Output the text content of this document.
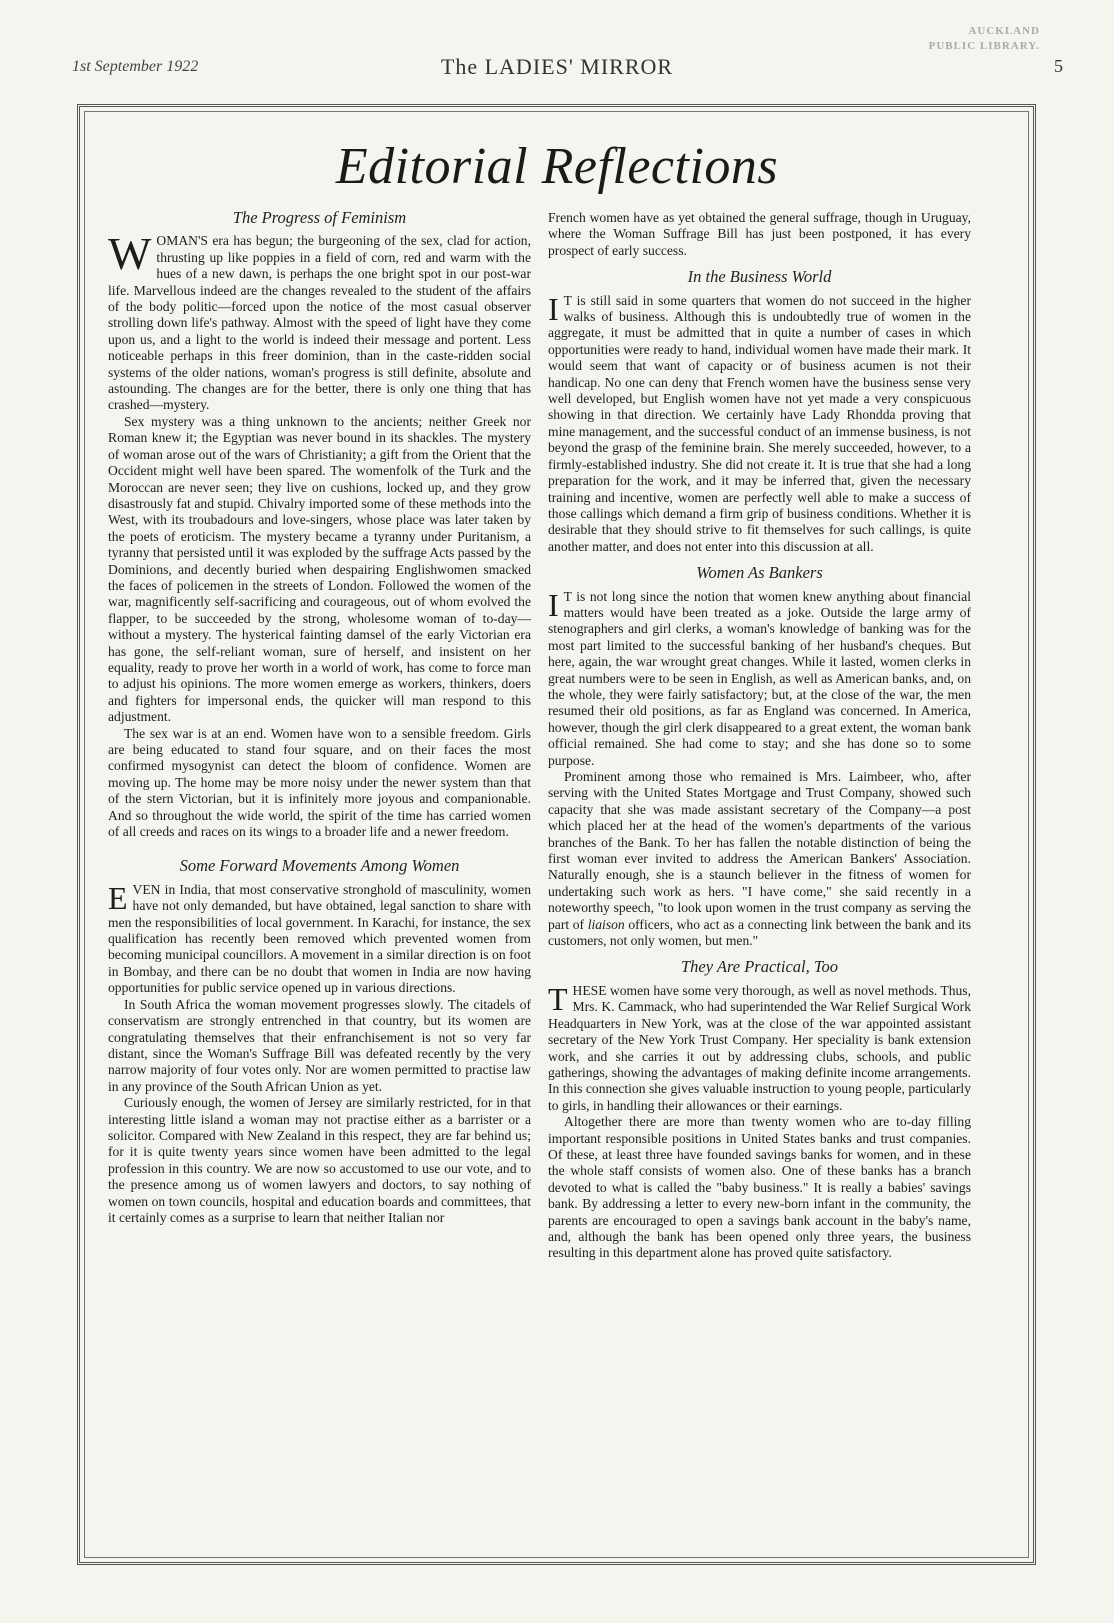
1st September 1922	The LADIES' MIRROR
AUCKLAND
PUBLIC LIBRARY.
5
Editorial Reflections
The Progress of Feminism

WOMAN'S era has begun; the burgeoning of the sex, clad for action, thrusting up like poppies in a field of corn, red and warm with the hues of a new dawn, is perhaps the one bright spot in our post-war life. Marvellous indeed are the changes revealed to the student of the affairs of the body politic—forced upon the notice of the most casual observer strolling down life's pathway. Almost with the speed of light have they come upon us, and a light to the world is indeed their message and portent. Less noticeable perhaps in this freer dominion, than in the caste-ridden social systems of the older nations, woman's progress is still definite, absolute and astounding. The changes are for the better, there is only one thing that has crashed—mystery.

Sex mystery was a thing unknown to the ancients; neither Greek nor Roman knew it; the Egyptian was never bound in its shackles. The mystery of woman arose out of the wars of Christianity; a gift from the Orient that the Occident might well have been spared. The womenfolk of the Turk and the Moroccan are never seen; they live on cushions, locked up, and they grow disastrously fat and stupid. Chivalry imported some of these methods into the West, with its troubadours and love-singers, whose place was later taken by the poets of eroticism. The mystery became a tyranny under Puritanism, a tyranny that persisted until it was exploded by the suffrage Acts passed by the Dominions, and decently buried when despairing Englishwomen smacked the faces of policemen in the streets of London. Followed the women of the war, magnificently self-sacrificing and courageous, out of whom evolved the flapper, to be succeeded by the strong, wholesome woman of to-day—without a mystery. The hysterical fainting damsel of the early Victorian era has gone, the self-reliant woman, sure of herself, and insistent on her equality, ready to prove her worth in a world of work, has come to force man to adjust his opinions. The more women emerge as workers, thinkers, doers and fighters for impersonal ends, the quicker will man respond to this adjustment.

The sex war is at an end. Women have won to a sensible freedom. Girls are being educated to stand four square, and on their faces the most confirmed mysogynist can detect the bloom of confidence. Women are moving up. The home may be more noisy under the newer system than that of the stern Victorian, but it is infinitely more joyous and companionable. And so throughout the wide world, the spirit of the time has carried women of all creeds and races on its wings to a broader life and a newer freedom.

Some Forward Movements Among Women

EVEN in India, that most conservative stronghold of masculinity, women have not only demanded, but have obtained, legal sanction to share with men the responsibilities of local government. In Karachi, for instance, the sex qualification has recently been removed which prevented women from becoming municipal councillors. A movement in a similar direction is on foot in Bombay, and there can be no doubt that women in India are now having opportunities for public service opened up in various directions.

In South Africa the woman movement progresses slowly. The citadels of conservatism are strongly entrenched in that country, but its women are congratulating themselves that their enfranchisement is not so very far distant, since the Woman's Suffrage Bill was defeated recently by the very narrow majority of four votes only. Nor are women permitted to practise law in any province of the South African Union as yet.

Curiously enough, the women of Jersey are similarly restricted, for in that interesting little island a woman may not practise either as a barrister or a solicitor. Compared with New Zealand in this respect, they are far behind us; for it is quite twenty years since women have been admitted to the legal profession in this country. We are now so accustomed to use our vote, and to the presence among us of women lawyers and doctors, to say nothing of women on town councils, hospital and education boards and committees, that it certainly comes as a surprise to learn that neither Italian nor

French women have as yet obtained the general suffrage, though in Uruguay, where the Woman Suffrage Bill has just been postponed, it has every prospect of early success.

In the Business World

I T is still said in some quarters that women do not succeed in the higher walks of business. Although this is undoubtedly true of women in the aggregate, it must be admitted that in quite a number of cases in which opportunities were ready to hand, individual women have made their mark. It would seem that want of capacity or of business acumen is not their handicap. No one can deny that French women have the business sense very well developed, but English women have not yet made a very conspicuous showing in that direction. We certainly have Lady Rhondda proving that mine management, and the successful conduct of an immense business, is not beyond the grasp of the feminine brain. She merely succeeded, however, to a firmly-established industry. She did not create it. It is true that she had a long preparation for the work, and it may be inferred that, given the necessary training and incentive, women are perfectly well able to make a success of those callings which demand a firm grip of business conditions. Whether it is desirable that they should strive to fit themselves for such callings, is quite another matter, and does not enter into this discussion at all.

Women As Bankers

I T is not long since the notion that women knew anything about financial matters would have been treated as a joke. Outside the large army of stenographers and girl clerks, a woman's knowledge of banking was for the most part limited to the successful banking of her husband's cheques. But here, again, the war wrought great changes. While it lasted, women clerks in great numbers were to be seen in English, as well as American banks, and, on the whole, they were fairly satisfactory; but, at the close of the war, the men resumed their old positions, as far as England was concerned. In America, however, though the girl clerk disappeared to a great extent, the woman bank official remained. She had come to stay; and she has done so to some purpose.

Prominent among those who remained is Mrs. Laimbeer, who, after serving with the United States Mortgage and Trust Company, showed such capacity that she was made assistant secretary of the Company—a post which placed her at the head of the women's departments of the various branches of the Bank. To her has fallen the notable distinction of being the first woman ever invited to address the American Bankers' Association. Naturally enough, she is a staunch believer in the fitness of women for undertaking such work as hers. "I have come," she said recently in a noteworthy speech, "to look upon women in the trust company as serving the part of liaison officers, who act as a connecting link between the bank and its customers, not only women, but men."

They Are Practical, Too

THESE women have some very thorough, as well as novel methods. Thus, Mrs. K. Cammack, who had superintended the War Relief Surgical Work Headquarters in New York, was at the close of the war appointed assistant secretary of the New York Trust Company. Her speciality is bank extension work, and she carries it out by addressing clubs, schools, and public gatherings, showing the advantages of making definite income arrangements. In this connection she gives valuable instruction to young people, particularly to girls, in handling their allowances or their earnings.

Altogether there are more than twenty women who are to-day filling important responsible positions in United States banks and trust companies. Of these, at least three have founded savings banks for women, and in these the whole staff consists of women also. One of these banks has a branch devoted to what is called the "baby business." It is really a babies' savings bank. By addressing a letter to every new-born infant in the community, the parents are encouraged to open a savings bank account in the baby's name, and, although the bank has been opened only three years, the business resulting in this department alone has proved quite satisfactory.
